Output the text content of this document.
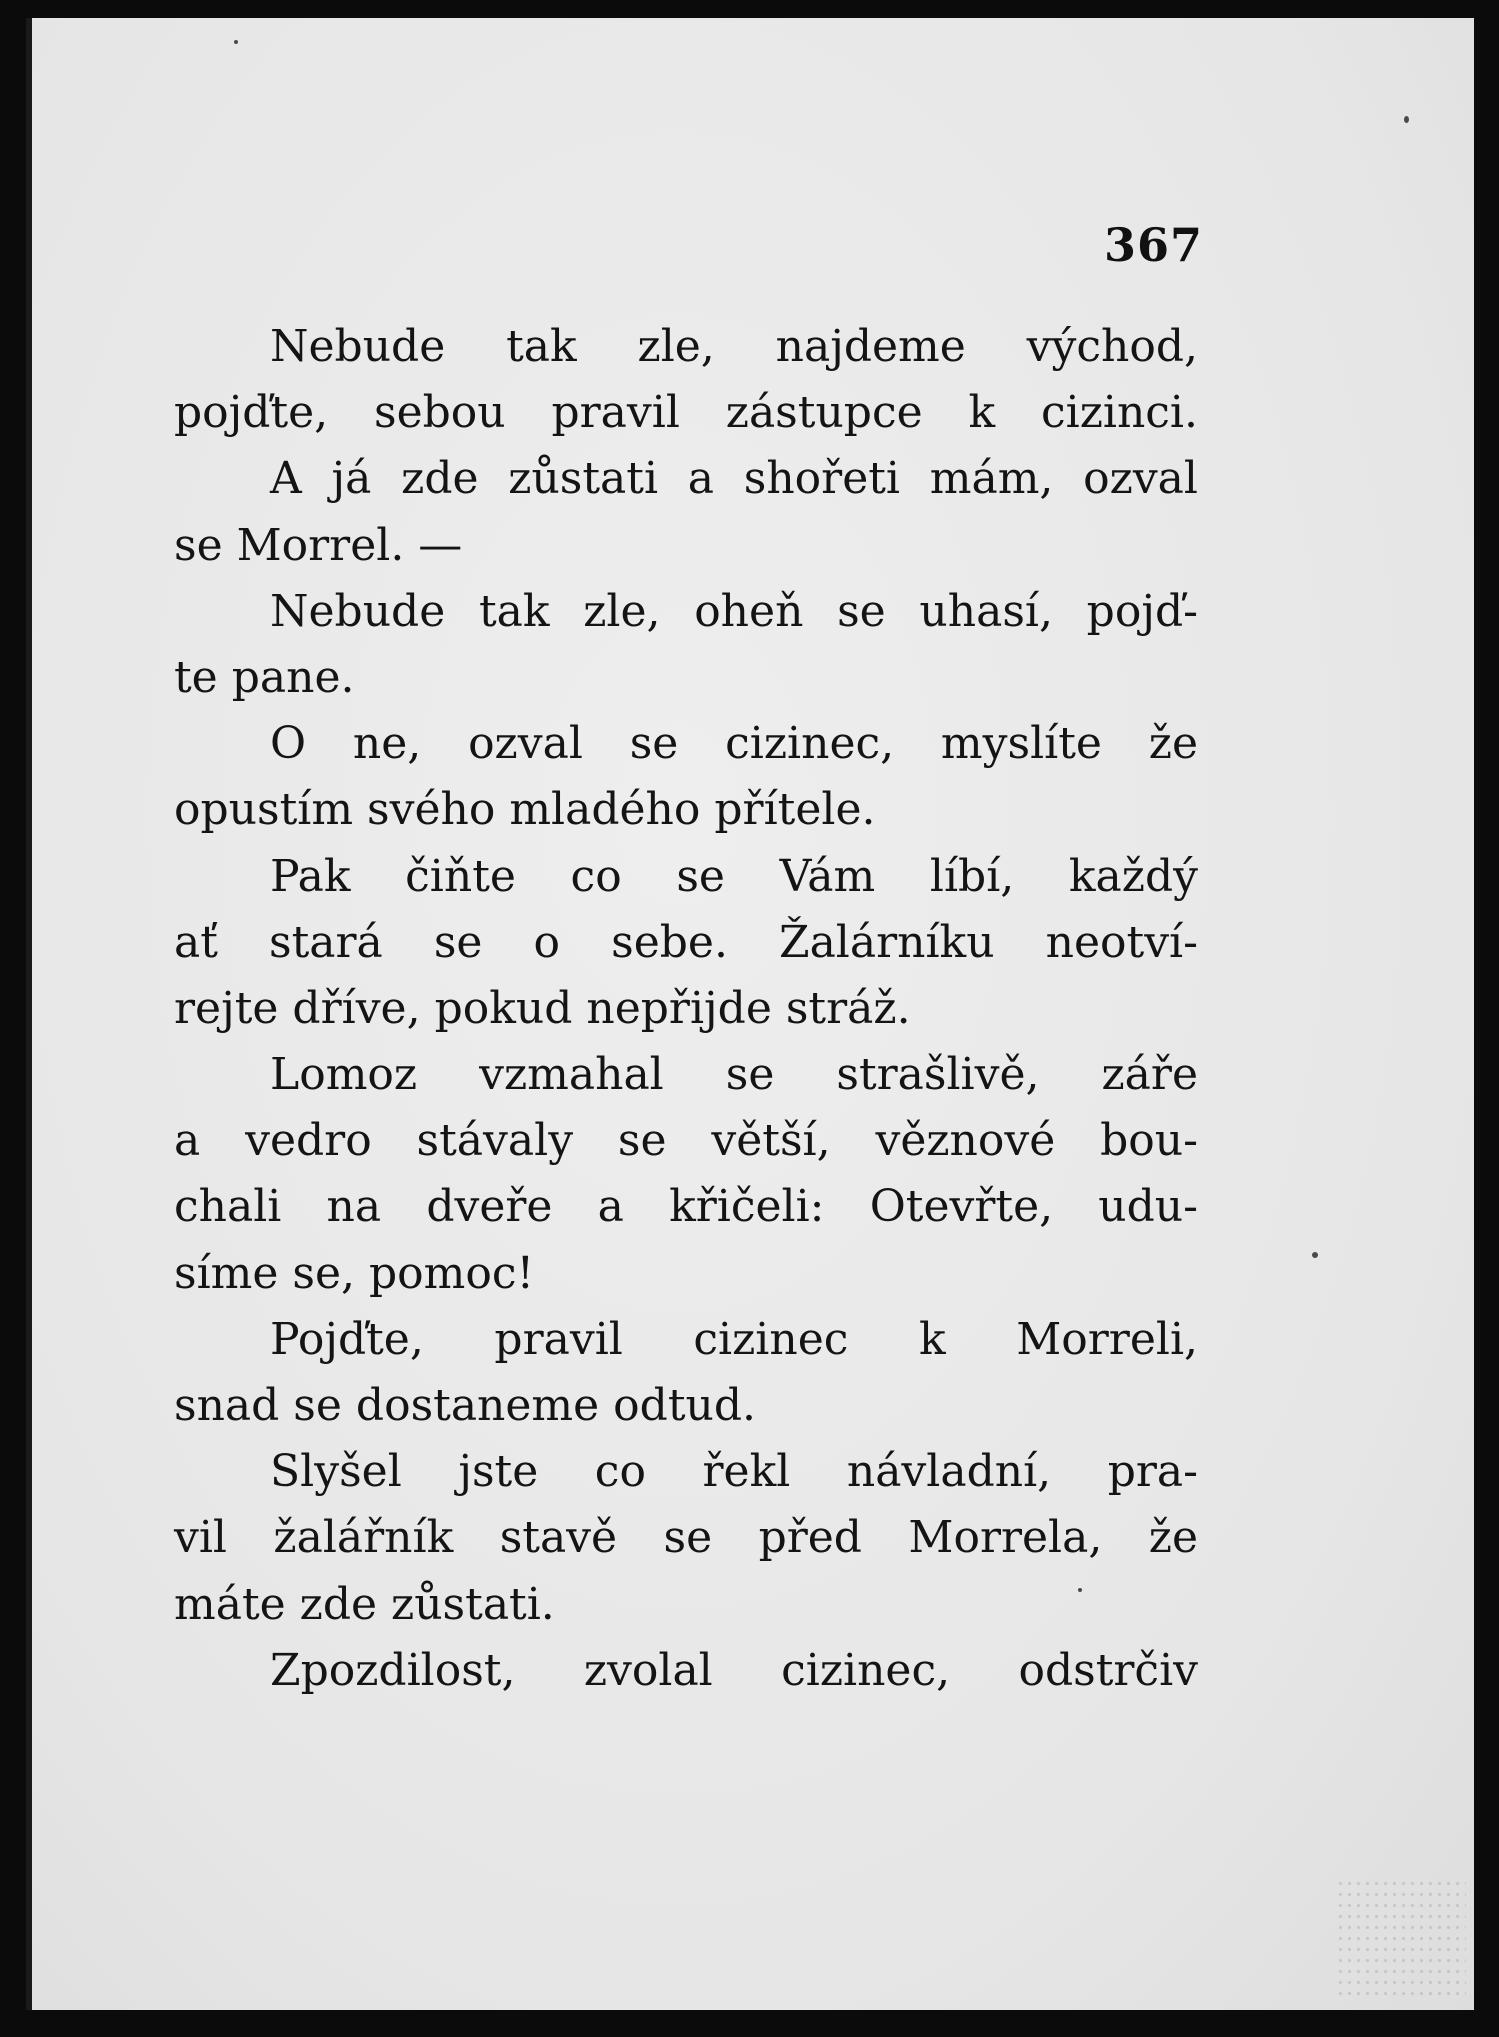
367
Nebude tak zle, najdeme východ,
pojďte, sebou pravil zástupce k cizinci.
A já zde zůstati a shořeti mám, ozval
se Morrel. —
Nebude tak zle, oheň se uhasí, pojď-
te pane.
O ne, ozval se cizinec, myslíte že
opustím svého mladého přítele.
Pak čiňte co se Vám líbí, každý
ať stará se o sebe. Žalárníku neotví-
rejte dříve, pokud nepřijde stráž.
Lomoz vzmahal se strašlivě, záře
a vedro stávaly se větší, věznové bou-
chali na dveře a křičeli: Otevřte, udu-
síme se, pomoc!
Pojďte, pravil cizinec k Morreli,
snad se dostaneme odtud.
Slyšel jste co řekl návladní, pra-
vil žalářník stavě se před Morrela, že
máte zde zůstati.
Zpozdilost, zvolal cizinec, odstrčiv
